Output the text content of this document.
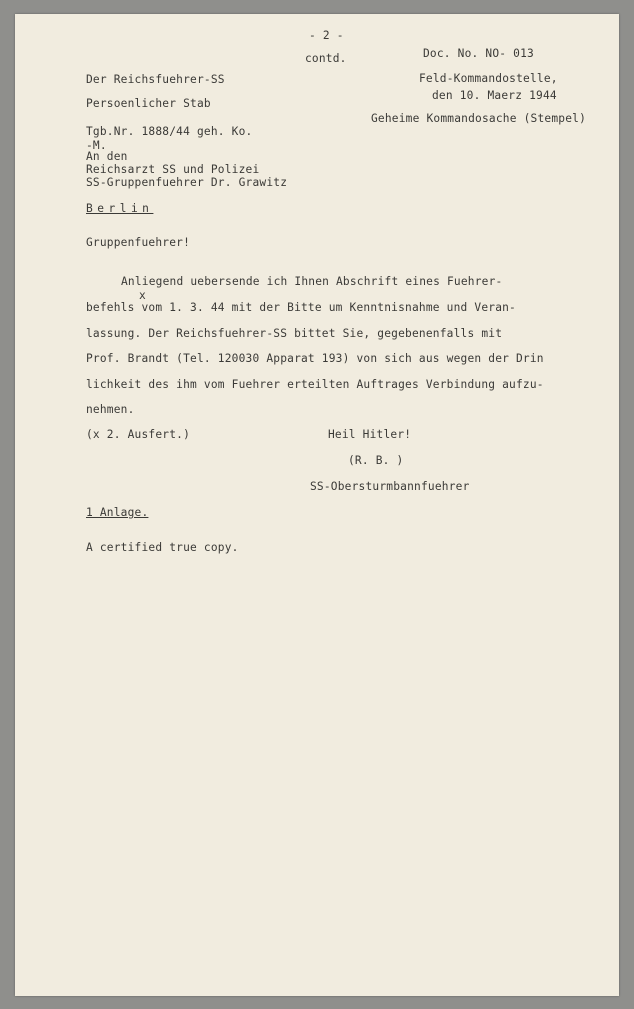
- 2 -
contd.	Doc. No. NO- 013
Der Reichsfuehrer-SS
Persoenlicher Stab
Tgb.Nr. 1888/44 geh. Ko.
-M.
Feld-Kommandostelle,
den 10. Maerz 1944
Geheime Kommandosache (Stempel)
An den
Reichsarzt SS und Polizei
SS-Gruppenfuehrer Dr. Grawitz
Berlin
Gruppenfuehrer!
Anliegend uebersende ich Ihnen Abschrift eines Fuehrer-
x
befehls vom 1. 3. 44 mit der Bitte um Kenntnisnahme und Veran-
lassung. Der Reichsfuehrer-SS bittet Sie, gegebenenfalls mit
Prof. Brandt (Tel. 120030 Apparat 193) von sich aus wegen der Drin
lichkeit des ihm vom Fuehrer erteilten Auftrages Verbindung aufzu-
nehmen.
(x 2. Ausfert.)	Heil Hitler!
(R. B. )
SS-Obersturmbannfuehrer
1 Anlage.
A certified true copy.
